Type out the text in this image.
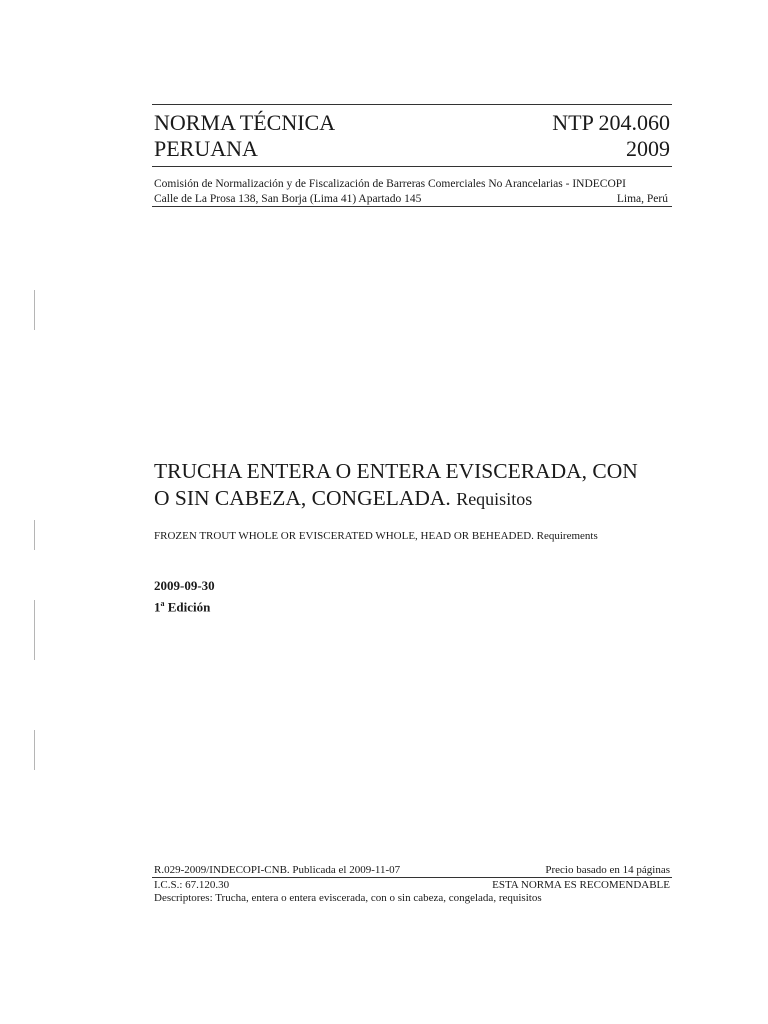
NORMA TÉCNICA
PERUANA
NTP 204.060
2009
Comisión de Normalización y de Fiscalización de Barreras Comerciales No Arancelarias - INDECOPI
Calle de La Prosa 138, San Borja (Lima 41) Apartado 145	Lima, Perú
TRUCHA ENTERA O ENTERA EVISCERADA, CON
O SIN CABEZA, CONGELADA. Requisitos
FROZEN TROUT WHOLE OR EVISCERATED WHOLE, HEAD OR BEHEADED. Requirements
2009-09-30
1$^a$ Edición
R.029-2009/INDECOPI-CNB. Publicada el 2009-11-07	Precio basado en 14 páginas
I.C.S.: 67.120.30	ESTA NORMA ES RECOMENDABLE
Descriptores: Trucha, entera o entera eviscerada, con o sin cabeza, congelada, requisitos
